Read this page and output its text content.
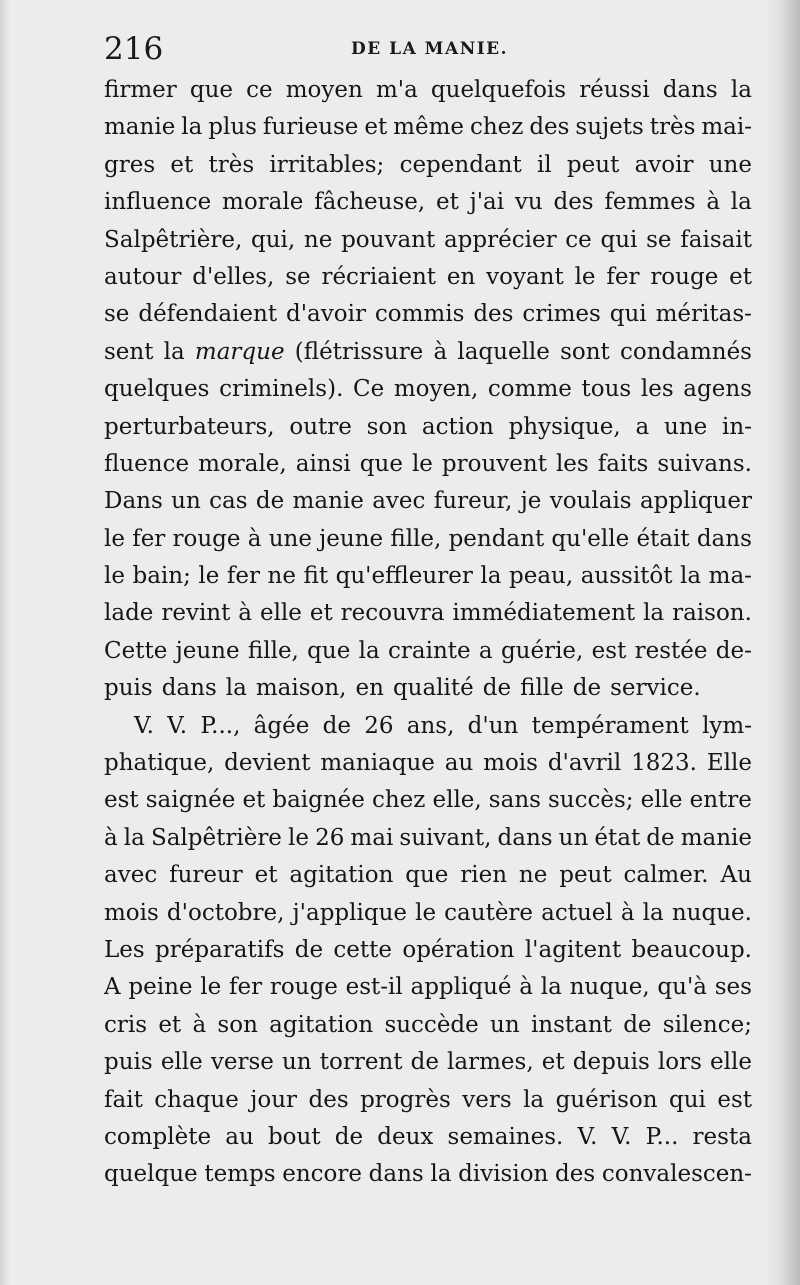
216	DE LA MANIE.
firmer que ce moyen m'a quelquefois réussi dans la
manie la plus furieuse et même chez des sujets très mai-
gres et très irritables; cependant il peut avoir une
influence morale fâcheuse, et j'ai vu des femmes à la
Salpêtrière, qui, ne pouvant apprécier ce qui se faisait
autour d'elles, se récriaient en voyant le fer rouge et
se défendaient d'avoir commis des crimes qui méritas-
sent la marque (flétrissure à laquelle sont condamnés
quelques criminels). Ce moyen, comme tous les agens
perturbateurs, outre son action physique, a une in-
fluence morale, ainsi que le prouvent les faits suivans.
Dans un cas de manie avec fureur, je voulais appliquer
le fer rouge à une jeune fille, pendant qu'elle était dans
le bain; le fer ne fit qu'effleurer la peau, aussitôt la ma-
lade revint à elle et recouvra immédiatement la raison.
Cette jeune fille, que la crainte a guérie, est restée de-
puis dans la maison, en qualité de fille de service.
V. V. P..., âgée de 26 ans, d'un tempérament lym-
phatique, devient maniaque au mois d'avril 1823. Elle
est saignée et baignée chez elle, sans succès; elle entre
à la Salpêtrière le 26 mai suivant, dans un état de manie
avec fureur et agitation que rien ne peut calmer. Au
mois d'octobre, j'applique le cautère actuel à la nuque.
Les préparatifs de cette opération l'agitent beaucoup.
A peine le fer rouge est-il appliqué à la nuque, qu'à ses
cris et à son agitation succède un instant de silence;
puis elle verse un torrent de larmes, et depuis lors elle
fait chaque jour des progrès vers la guérison qui est
complète au bout de deux semaines. V. V. P... resta
quelque temps encore dans la division des convalescen-
